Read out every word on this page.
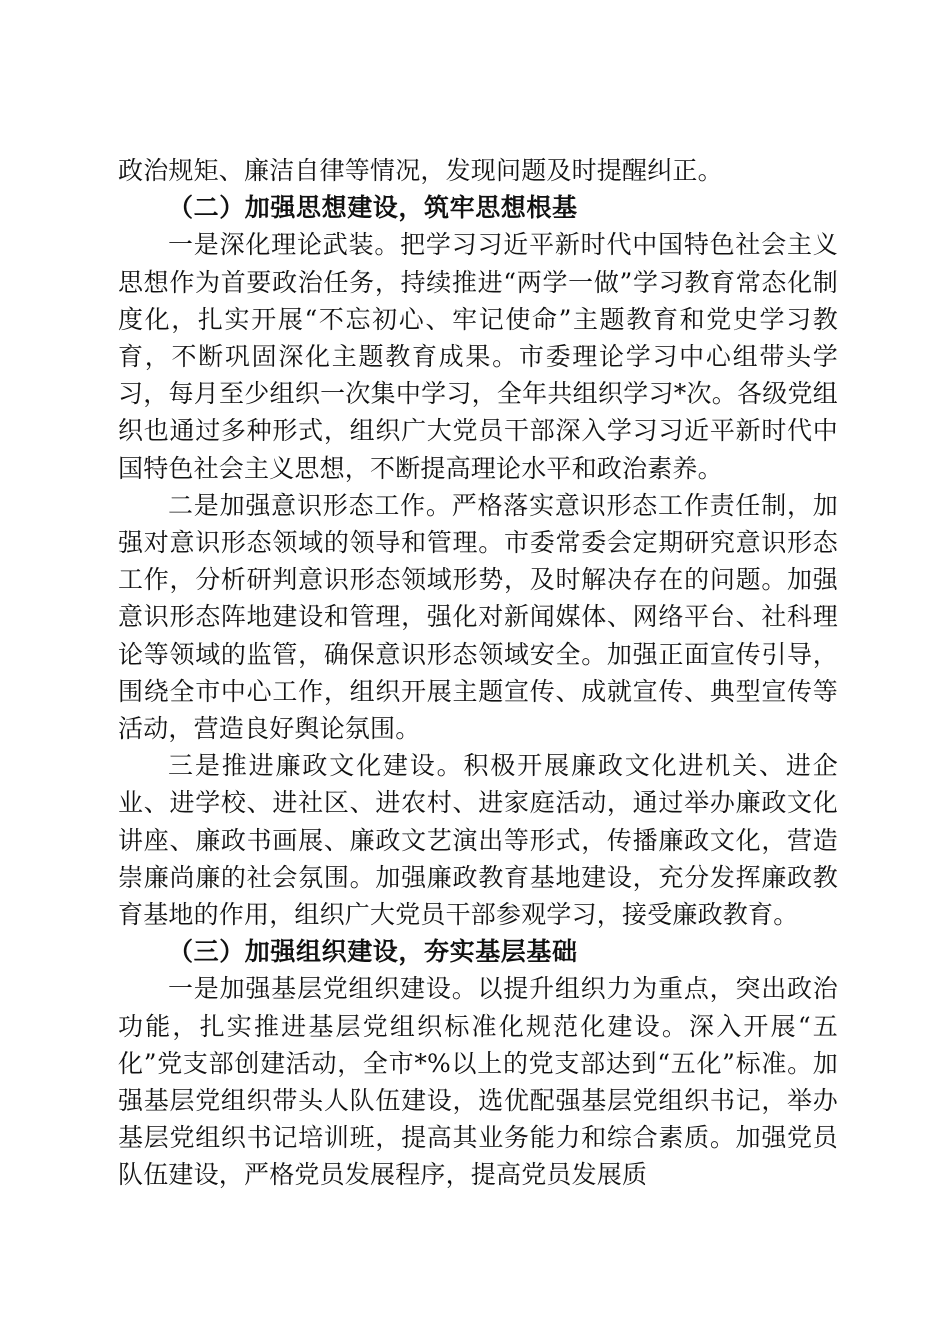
政治规矩、廉洁自律等情况，发现问题及时提醒纠正。

（二）加强思想建设，筑牢思想根基

一是深化理论武装。把学习习近平新时代中国特色社会主义思想作为首要政治任务，持续推进“两学一做”学习教育常态化制度化，扎实开展“不忘初心、牢记使命”主题教育和党史学习教育，不断巩固深化主题教育成果。市委理论学习中心组带头学习，每月至少组织一次集中学习，全年共组织学习*次。各级党组织也通过多种形式，组织广大党员干部深入学习习近平新时代中国特色社会主义思想，不断提高理论水平和政治素养。

二是加强意识形态工作。严格落实意识形态工作责任制，加强对意识形态领域的领导和管理。市委常委会定期研究意识形态工作，分析研判意识形态领域形势，及时解决存在的问题。加强意识形态阵地建设和管理，强化对新闻媒体、网络平台、社科理论等领域的监管，确保意识形态领域安全。加强正面宣传引导，围绕全市中心工作，组织开展主题宣传、成就宣传、典型宣传等活动，营造良好舆论氛围。

三是推进廉政文化建设。积极开展廉政文化进机关、进企业、进学校、进社区、进农村、进家庭活动，通过举办廉政文化讲座、廉政书画展、廉政文艺演出等形式，传播廉政文化，营造崇廉尚廉的社会氛围。加强廉政教育基地建设，充分发挥廉政教育基地的作用，组织广大党员干部参观学习，接受廉政教育。

（三）加强组织建设，夯实基层基础

一是加强基层党组织建设。以提升组织力为重点，突出政治功能，扎实推进基层党组织标准化规范化建设。深入开展“五化”党支部创建活动，全市*%以上的党支部达到“五化”标准。加强基层党组织带头人队伍建设，选优配强基层党组织书记，举办基层党组织书记培训班，提高其业务能力和综合素质。加强党员队伍建设，严格党员发展程序，提高党员发展质
